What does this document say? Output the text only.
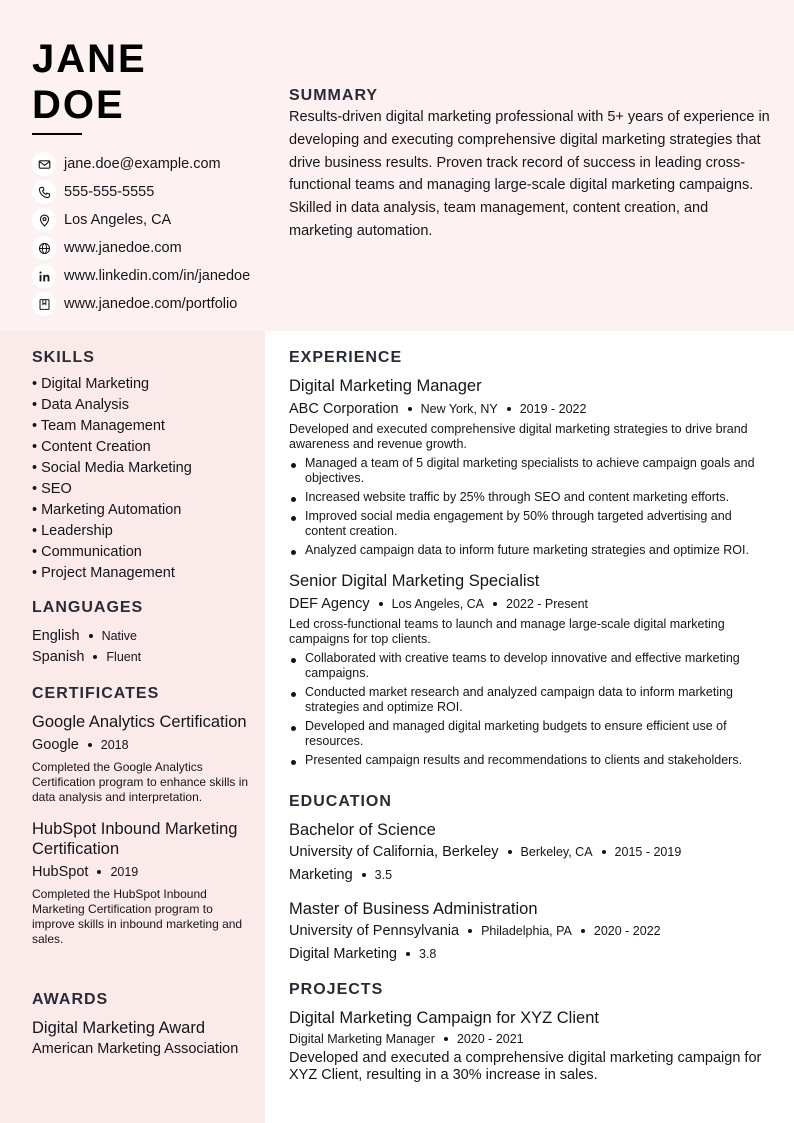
JANE
DOE
jane.doe@example.com
555-555-5555
Los Angeles, CA
www.janedoe.com
www.linkedin.com/in/janedoe
www.janedoe.com/portfolio
SUMMARY

Results-driven digital marketing professional with 5+ years of experience in developing and executing comprehensive digital marketing strategies that drive business results. Proven track record of success in leading cross-functional teams and managing large-scale digital marketing campaigns. Skilled in data analysis, team management, content creation, and marketing automation.

SKILLS
• Digital Marketing
• Data Analysis
• Team Management
• Content Creation
• Social Media Marketing
• SEO
• Marketing Automation
• Leadership
• Communication
• Project Management
LANGUAGES
English Native
Spanish Fluent
CERTIFICATES
Google Analytics Certification
Google 2018
Completed the Google Analytics Certification program to enhance skills in data analysis and interpretation.
HubSpot Inbound Marketing Certification
HubSpot 2019
Completed the HubSpot Inbound Marketing Certification program to improve skills in inbound marketing and sales.
AWARDS
Digital Marketing Award
American Marketing Association
EXPERIENCE
Digital Marketing Manager
ABC Corporation New York, NY 2019 - 2022
Developed and executed comprehensive digital marketing strategies to drive brand awareness and revenue growth.
Managed a team of 5 digital marketing specialists to achieve campaign goals and objectives.
Increased website traffic by 25% through SEO and content marketing efforts.
Improved social media engagement by 50% through targeted advertising and content creation.
Analyzed campaign data to inform future marketing strategies and optimize ROI.
Senior Digital Marketing Specialist
DEF Agency Los Angeles, CA 2022 - Present
Led cross-functional teams to launch and manage large-scale digital marketing campaigns for top clients.
Collaborated with creative teams to develop innovative and effective marketing campaigns.
Conducted market research and analyzed campaign data to inform marketing strategies and optimize ROI.
Developed and managed digital marketing budgets to ensure efficient use of resources.
Presented campaign results and recommendations to clients and stakeholders.
EDUCATION
Bachelor of Science
University of California, Berkeley Berkeley, CA 2015 - 2019
Marketing 3.5
Master of Business Administration
University of Pennsylvania Philadelphia, PA 2020 - 2022
Digital Marketing 3.8
PROJECTS
Digital Marketing Campaign for XYZ Client
Digital Marketing Manager 2020 - 2021
Developed and executed a comprehensive digital marketing campaign for XYZ Client, resulting in a 30% increase in sales.
